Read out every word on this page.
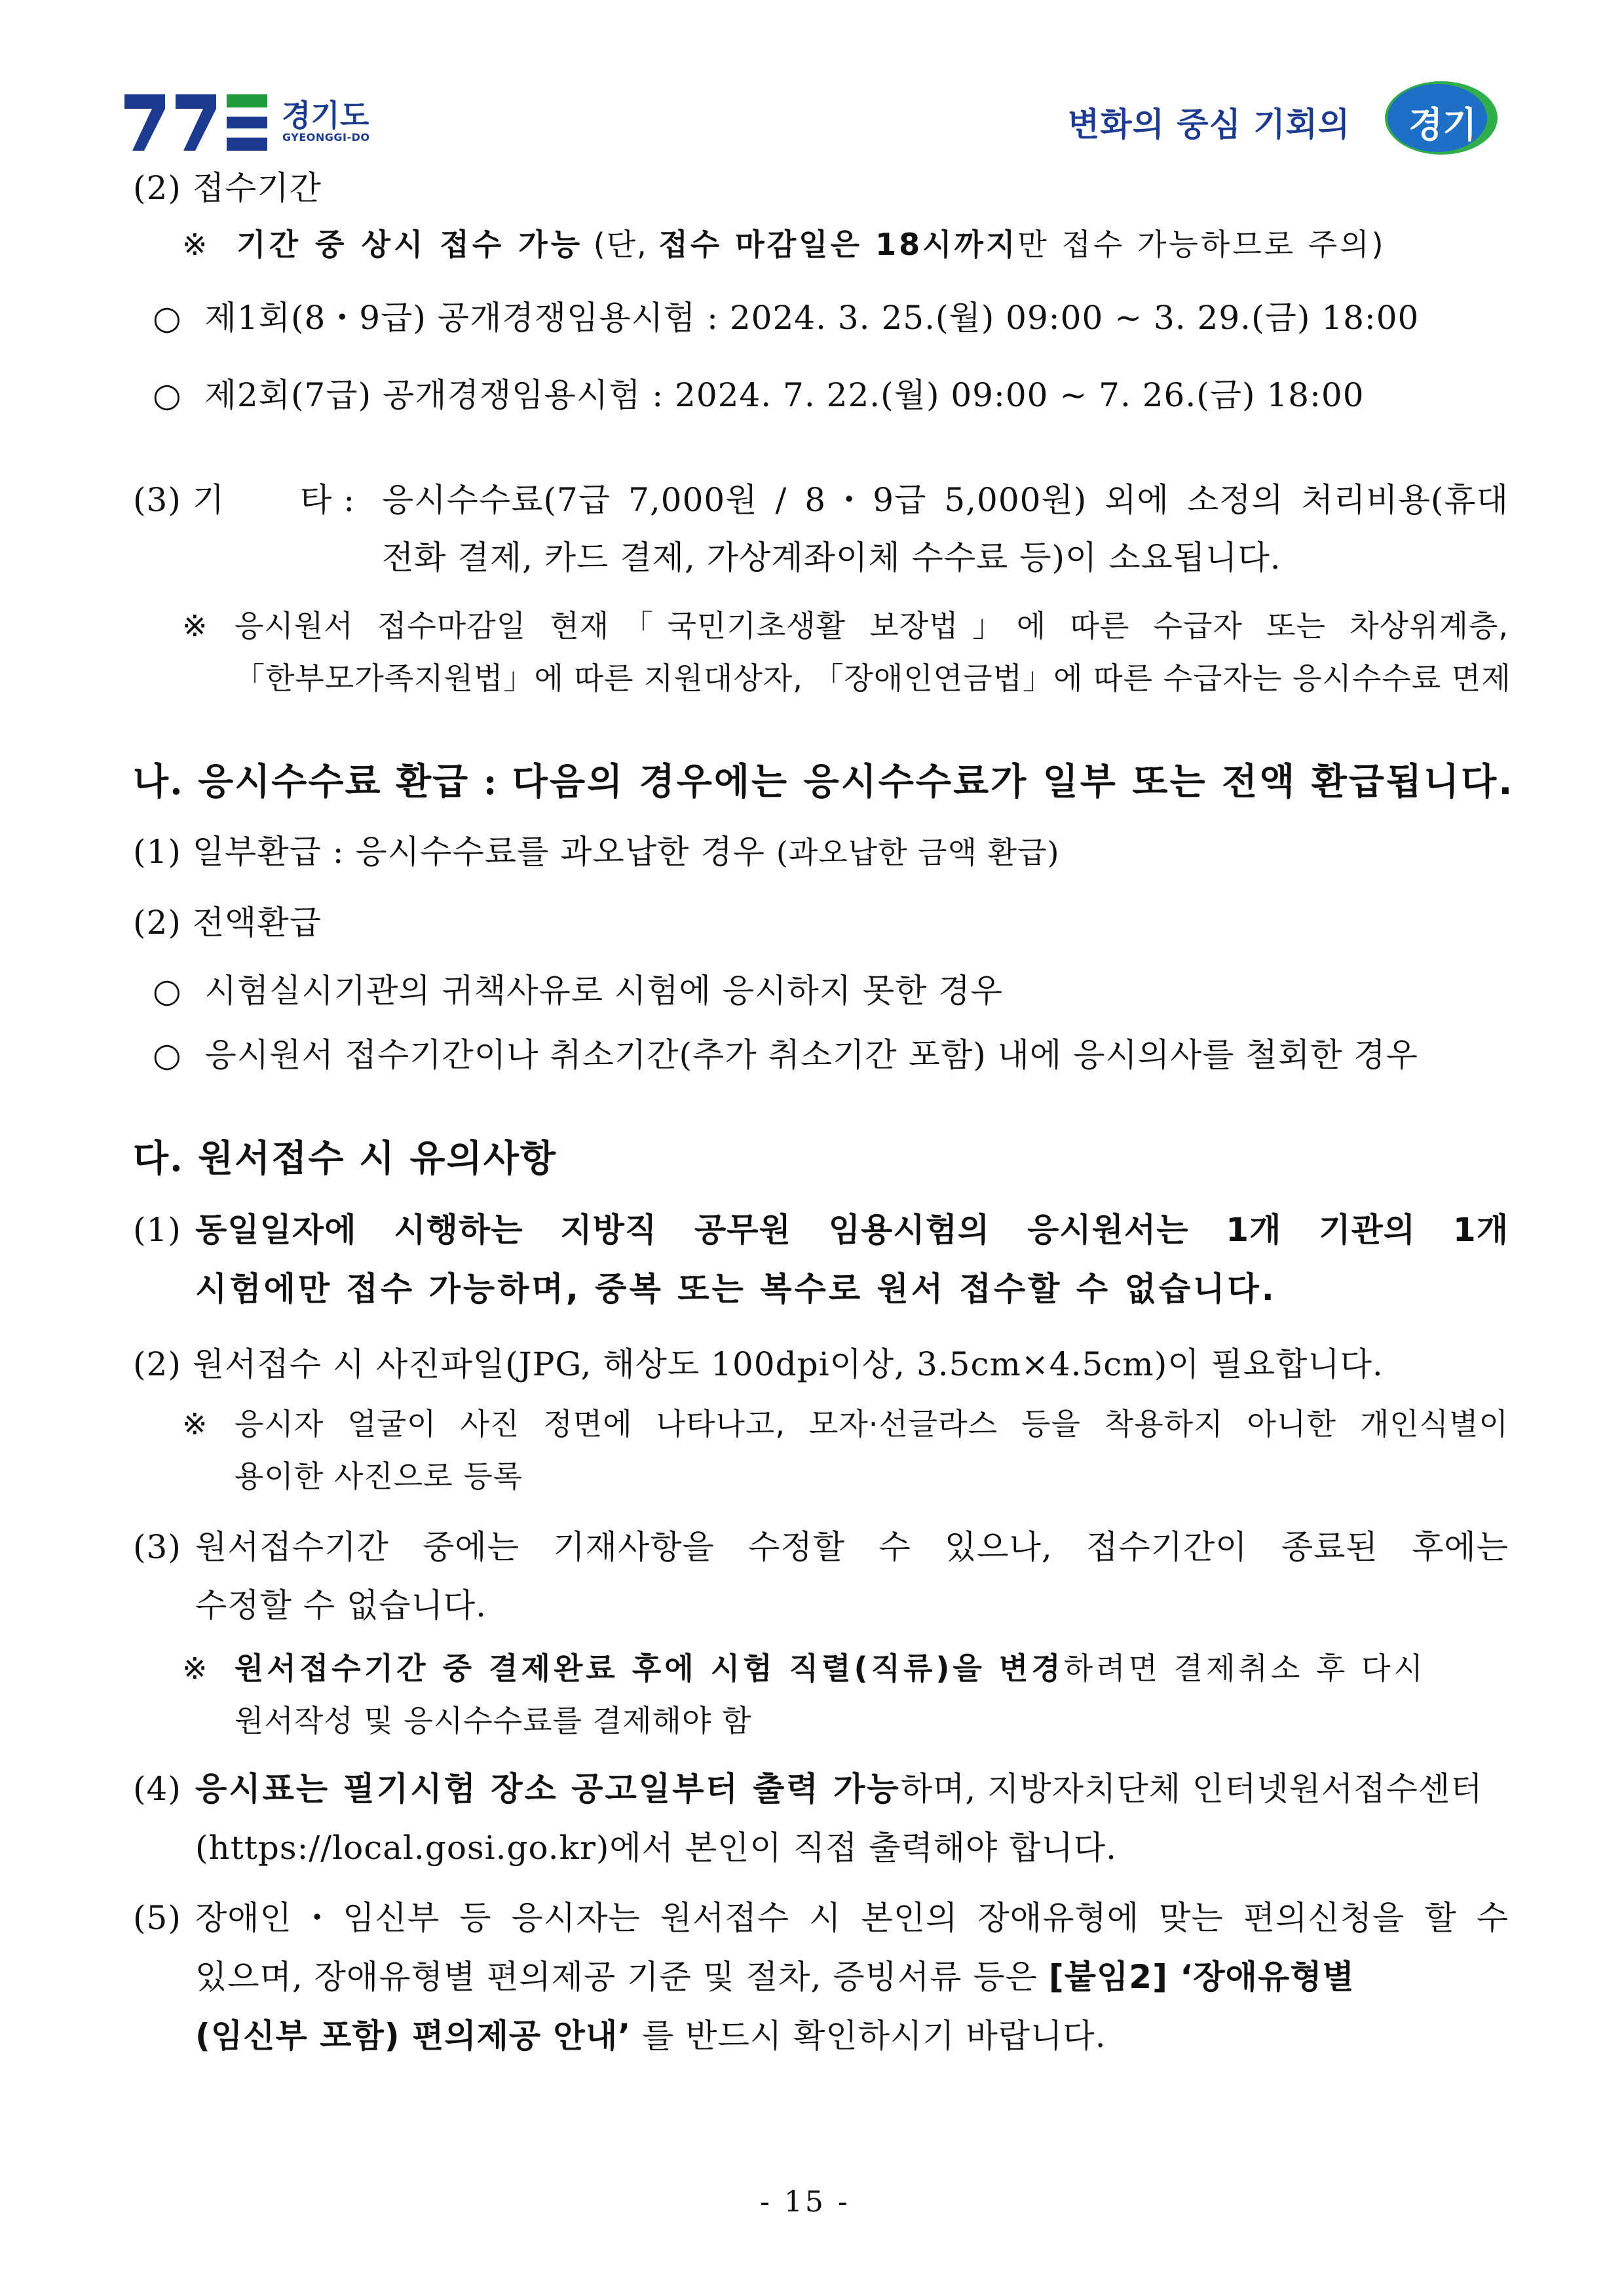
경기도
GYEONGGI-DO	변화의 중심 기회의 경기
(2) 접수기간
※ 기간 중 상시 접수 가능 (단, 접수 마감일은 18시까지만 접수 가능하므로 주의)
○ 제1회(8・9급) 공개경쟁임용시험 : 2024. 3. 25.(월) 09:00 ~ 3. 29.(금) 18:00
○ 제2회(7급) 공개경쟁임용시험 : 2024. 7. 22.(월) 09:00 ~ 7. 26.(금) 18:00
(3) 기 타 : 응시수수료(7급 7,000원 / 8・9급 5,000원) 외에 소정의 처리비용(휴대
전화 결제, 카드 결제, 가상계좌이체 수수료 등)이 소요됩니다.
※ 응시원서 접수마감일 현재「국민기초생활 보장법」에 따른 수급자 또는 차상위계층,
「한부모가족지원법」에 따른 지원대상자, 「장애인연금법」에 따른 수급자는 응시수수료 면제
나. 응시수수료 환급 : 다음의 경우에는 응시수수료가 일부 또는 전액 환급됩니다.
(1) 일부환급 : 응시수수료를 과오납한 경우 (과오납한 금액 환급)
(2) 전액환급
○ 시험실시기관의 귀책사유로 시험에 응시하지 못한 경우
○ 응시원서 접수기간이나 취소기간(추가 취소기간 포함) 내에 응시의사를 철회한 경우
다. 원서접수 시 유의사항
(1) 동일일자에 시행하는 지방직 공무원 임용시험의 응시원서는 1개 기관의 1개
시험에만 접수 가능하며, 중복 또는 복수로 원서 접수할 수 없습니다.
(2) 원서접수 시 사진파일(JPG, 해상도 100dpi이상, 3.5cm×4.5cm)이 필요합니다.
※ 응시자 얼굴이 사진 정면에 나타나고, 모자·선글라스 등을 착용하지 아니한 개인식별이
용이한 사진으로 등록
(3) 원서접수기간 중에는 기재사항을 수정할 수 있으나, 접수기간이 종료된 후에는
수정할 수 없습니다.
※ 원서접수기간 중 결제완료 후에 시험 직렬(직류)을 변경하려면 결제취소 후 다시
원서작성 및 응시수수료를 결제해야 함
(4) 응시표는 필기시험 장소 공고일부터 출력 가능하며, 지방자치단체 인터넷원서접수센터
(https://local.gosi.go.kr)에서 본인이 직접 출력해야 합니다.
(5) 장애인・임신부 등 응시자는 원서접수 시 본인의 장애유형에 맞는 편의신청을 할 수
있으며, 장애유형별 편의제공 기준 및 절차, 증빙서류 등은 [붙임2] ‘장애유형별
(임신부 포함) 편의제공 안내’ 를 반드시 확인하시기 바랍니다.
- 15 -
